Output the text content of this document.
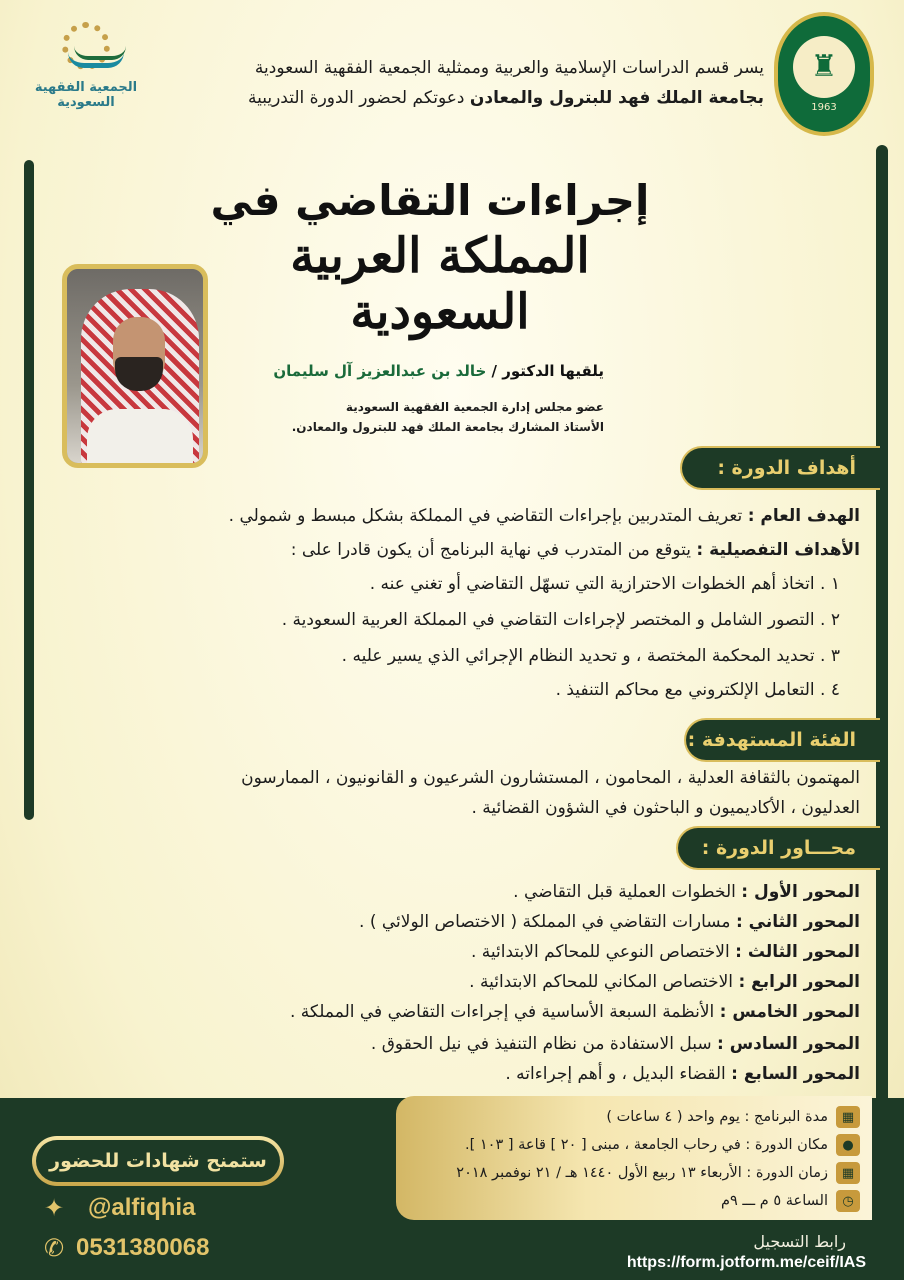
♜
1963
الجمعية الفقهية السعودية
يسر قسم الدراسات الإسلامية والعربية وممثلية الجمعية الفقهية السعودية
بجامعة الملك فهد للبترول والمعادن دعوتكم لحضور الدورة التدريبية
إجراءات التقاضي في
المملكة العربية السعودية
يلقيها الدكتور / خالد بن عبدالعزيز آل سليمان
عضو مجلس إدارة الجمعية الفقهية السعودية
الأستاذ المشارك بجامعة الملك فهد للبترول والمعادن.
أهداف الدورة :
الهدف العام : تعريف المتدربين بإجراءات التقاضي في المملكة بشكل مبسط و شمولي .
الأهداف التفصيلية : يتوقع من المتدرب في نهاية البرنامج أن يكون قادرا على :
١ . اتخاذ أهم الخطوات الاحترازية التي تسهّل التقاضي أو تغني عنه .
٢ . التصور الشامل و المختصر لإجراءات التقاضي في المملكة العربية السعودية .
٣ . تحديد المحكمة المختصة ، و تحديد النظام الإجرائي الذي يسير عليه .
٤ . التعامل الإلكتروني مع محاكم التنفيذ .
الفئة المستهدفة :
المهتمون بالثقافة العدلية ، المحامون ، المستشارون الشرعيون و القانونيون ، الممارسون
العدليون ، الأكاديميون و الباحثون في الشؤون القضائية .
محـــاور الدورة :
المحور الأول : الخطوات العملية قبل التقاضي .
المحور الثاني : مسارات التقاضي في المملكة ( الاختصاص الولائي ) .
المحور الثالث : الاختصاص النوعي للمحاكم الابتدائية .
المحور الرابع : الاختصاص المكاني للمحاكم الابتدائية .
المحور الخامس : الأنظمة السبعة الأساسية في إجراءات التقاضي في المملكة .
المحور السادس : سبل الاستفادة من نظام التنفيذ في نيل الحقوق .
المحور السابع : القضاء البديل ، و أهم إجراءاته .
▦
مدة البرنامج : يوم واحد ( ٤ ساعات )
●
مكان الدورة : في رحاب الجامعة ، مبنى [ ٢٠ ] قاعة [ ١٠٣ ].
▦
زمان الدورة : الأربعاء ١٣ ربيع الأول ١٤٤٠ هـ / ٢١ نوفمبر ٢٠١٨
◷
الساعة ٥ م ـــ ٩م
ستمنح شهادات للحضور
✦ @alfiqhia
✆ 0531380068	رابط التسجيل
https://form.jotform.me/ceif/IAS
